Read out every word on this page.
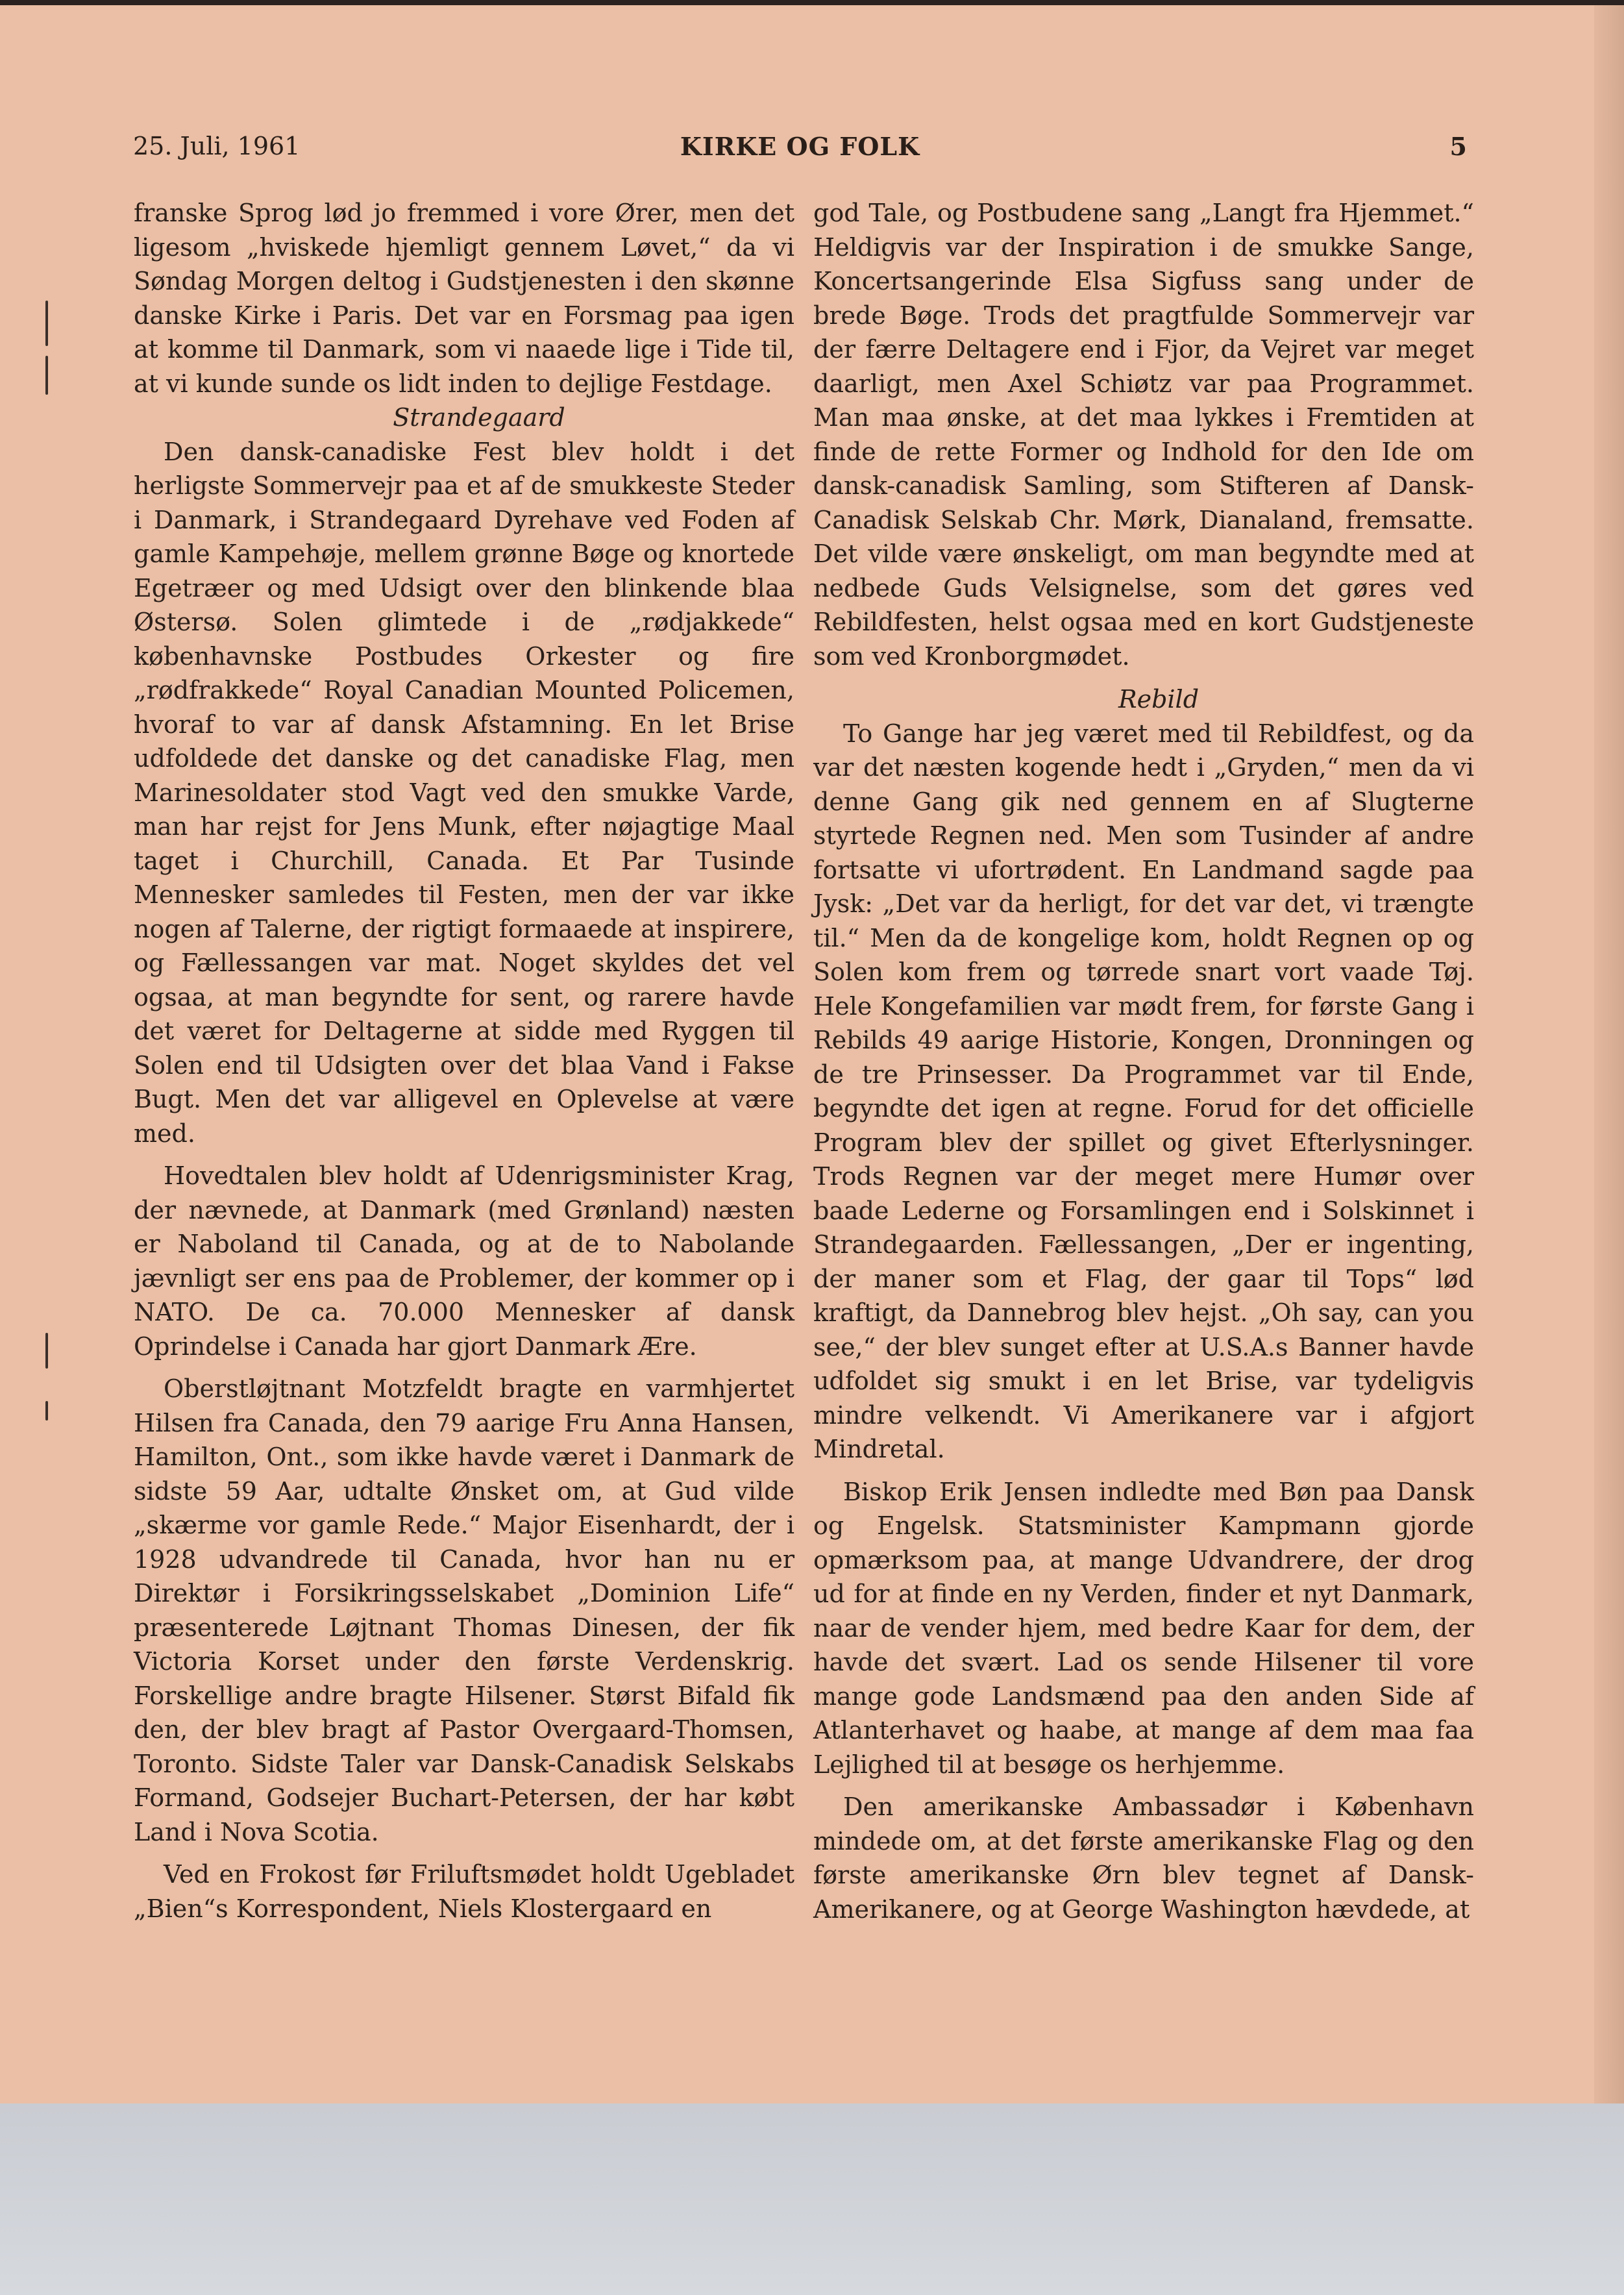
25. Juli, 1961	KIRKE OG FOLK	5

franske Sprog lød jo fremmed i vore Ører, men det ligesom „hviskede hjemligt gennem Løvet,“ da vi Søndag Morgen deltog i Gudstjenesten i den skønne danske Kirke i Paris. Det var en Forsmag paa igen at komme til Danmark, som vi naaede lige i Tide til, at vi kunde sunde os lidt inden to dejlige Festdage.

Strandegaard

Den dansk-canadiske Fest blev holdt i det herligste Sommervejr paa et af de smukkeste Steder i Danmark, i Strandegaard Dyrehave ved Foden af gamle Kampehøje, mellem grønne Bøge og knortede Egetræer og med Udsigt over den blinkende blaa Østersø. Solen glimtede i de „rødjakkede“ københavnske Postbudes Orkester og fire „rødfrakkede“ Royal Canadian Mounted Policemen, hvoraf to var af dansk Afstamning. En let Brise udfoldede det danske og det canadiske Flag, men Marinesoldater stod Vagt ved den smukke Varde, man har rejst for Jens Munk, efter nøjagtige Maal taget i Churchill, Canada. Et Par Tusinde Mennesker samledes til Festen, men der var ikke nogen af Talerne, der rigtigt formaaede at inspirere, og Fællessangen var mat. Noget skyldes det vel ogsaa, at man begyndte for sent, og rarere havde det været for Deltagerne at sidde med Ryggen til Solen end til Udsigten over det blaa Vand i Fakse Bugt. Men det var alligevel en Oplevelse at være med.

Hovedtalen blev holdt af Udenrigsminister Krag, der nævnede, at Danmark (med Grønland) næsten er Naboland til Canada, og at de to Nabolande jævnligt ser ens paa de Problemer, der kommer op i NATO. De ca. 70.000 Mennesker af dansk Oprindelse i Canada har gjort Danmark Ære.

Oberstløjtnant Motzfeldt bragte en varmhjertet Hilsen fra Canada, den 79 aarige Fru Anna Hansen, Hamilton, Ont., som ikke havde været i Danmark de sidste 59 Aar, udtalte Ønsket om, at Gud vilde „skærme vor gamle Rede.“ Major Eisenhardt, der i 1928 udvandrede til Canada, hvor han nu er Direktør i Forsikringsselskabet „Dominion Life“ præsenterede Løjtnant Thomas Dinesen, der fik Victoria Korset under den første Verdenskrig. Forskellige andre bragte Hilsener. Størst Bifald fik den, der blev bragt af Pastor Overgaard-Thomsen, Toronto. Sidste Taler var Dansk-Canadisk Selskabs Formand, Godsejer Buchart-Petersen, der har købt Land i Nova Scotia.

Ved en Frokost før Friluftsmødet holdt Ugebladet „Bien“s Korrespondent, Niels Klostergaard en

god Tale, og Postbudene sang „Langt fra Hjemmet.“ Heldigvis var der Inspiration i de smukke Sange, Koncertsangerinde Elsa Sigfuss sang under de brede Bøge. Trods det pragtfulde Sommervejr var der færre Deltagere end i Fjor, da Vejret var meget daarligt, men Axel Schiøtz var paa Programmet. Man maa ønske, at det maa lykkes i Fremtiden at finde de rette Former og Indhold for den Ide om dansk-canadisk Samling, som Stifteren af Dansk-Canadisk Selskab Chr. Mørk, Dianaland, fremsatte. Det vilde være ønskeligt, om man begyndte med at nedbede Guds Velsignelse, som det gøres ved Rebildfesten, helst ogsaa med en kort Gudstjeneste som ved Kronborgmødet.

Rebild

To Gange har jeg været med til Rebildfest, og da var det næsten kogende hedt i „Gryden,“ men da vi denne Gang gik ned gennem en af Slugterne styrtede Regnen ned. Men som Tusinder af andre fortsatte vi ufortrødent. En Landmand sagde paa Jysk: „Det var da herligt, for det var det, vi trængte til.“ Men da de kongelige kom, holdt Regnen op og Solen kom frem og tørrede snart vort vaade Tøj. Hele Kongefamilien var mødt frem, for første Gang i Rebilds 49 aarige Historie, Kongen, Dronningen og de tre Prinsesser. Da Programmet var til Ende, begyndte det igen at regne. Forud for det officielle Program blev der spillet og givet Efterlysninger. Trods Regnen var der meget mere Humør over baade Lederne og Forsamlingen end i Solskinnet i Strandegaarden. Fællessangen, „Der er ingenting, der maner som et Flag, der gaar til Tops“ lød kraftigt, da Dannebrog blev hejst. „Oh say, can you see,“ der blev sunget efter at U.S.A.s Banner havde udfoldet sig smukt i en let Brise, var tydeligvis mindre velkendt. Vi Amerikanere var i afgjort Mindretal.

Biskop Erik Jensen indledte med Bøn paa Dansk og Engelsk. Statsminister Kampmann gjorde opmærksom paa, at mange Udvandrere, der drog ud for at finde en ny Verden, finder et nyt Danmark, naar de vender hjem, med bedre Kaar for dem, der havde det svært. Lad os sende Hilsener til vore mange gode Landsmænd paa den anden Side af Atlanterhavet og haabe, at mange af dem maa faa Lejlighed til at besøge os herhjemme.

Den amerikanske Ambassadør i København mindede om, at det første amerikanske Flag og den første amerikanske Ørn blev tegnet af Dansk-Amerikanere, og at George Washington hævdede, at
